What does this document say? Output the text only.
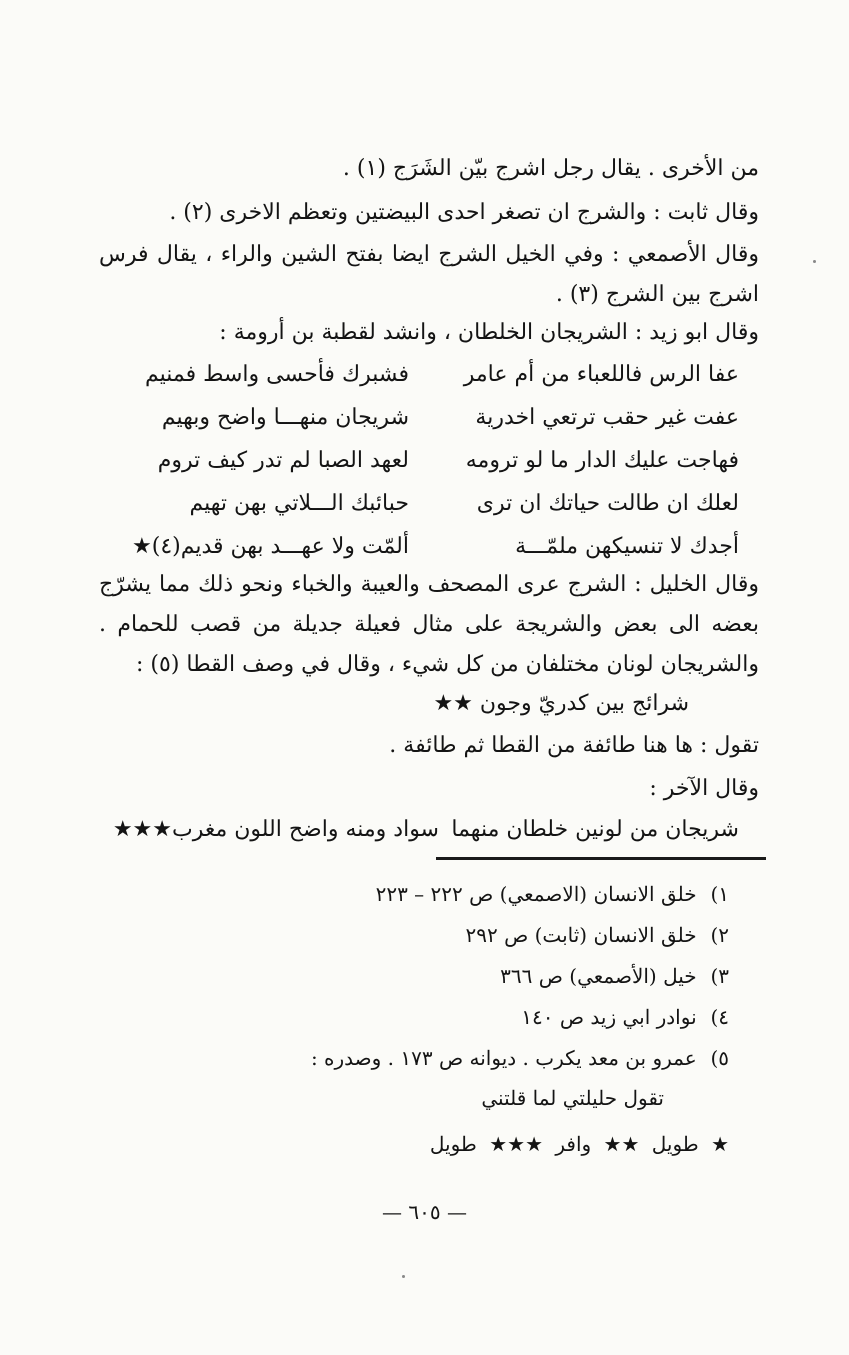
من الأخرى . يقال رجل اشرج بيّن الشَرَج (١) .
وقال ثابت : والشرج ان تصغر احدى البيضتين وتعظم الاخرى (٢) .
وقال الأصمعي : وفي الخيل الشرج ايضا بفتح الشين والراء ، يقال فرس اشرج بين الشرج (٣) .
وقال ابو زيد : الشريجان الخلطان ، وانشد لقطبة بن أرومة :
عفا الرس فاللعباء من أم عامر
فشبرك فأحسى واسط فمنيم
عفت غير حقب ترتعي اخدرية
شريجان منهـــا واضح وبهيم
فهاجت عليك الدار ما لو ترومه
لعهد الصبا لم تدر كيف تروم
لعلك ان طالت حياتك ان ترى
حبائبك الـــلاتي بهن تهيم
أجدك لا تنسيكهن ملمّـــة
ألمّت ولا عهـــد بهن قديم(٤)★
وقال الخليل : الشرج عرى المصحف والعيبة والخباء ونحو ذلك مما يشرّج بعضه الى بعض والشريجة على مثال فعيلة جديلة من قصب للحمام . والشريجان لونان مختلفان من كل شيء ، وقال في وصف القطا (٥) :
شرائج بين كدريّ وجون ★★
تقول : ها هنا طائفة من القطا ثم طائفة .
وقال الآخر :
شريجان من لونين خلطان منهما
سواد ومنه واضح اللون مغرب★★★
١) خلق الانسان (الاصمعي) ص ٢٢٢ – ٢٢٣
٢) خلق الانسان (ثابت) ص ٢٩٢
٣) خيل (الأصمعي) ص ٣٦٦
٤) نوادر ابي زيد ص ١٤٠
٥) عمرو بن معد يكرب . ديوانه ص ١٧٣ . وصدره :
تقول حليلتي لما قلتني
★ طويل ★★ وافر ★★★ طويل
— ٦٠٥ —
